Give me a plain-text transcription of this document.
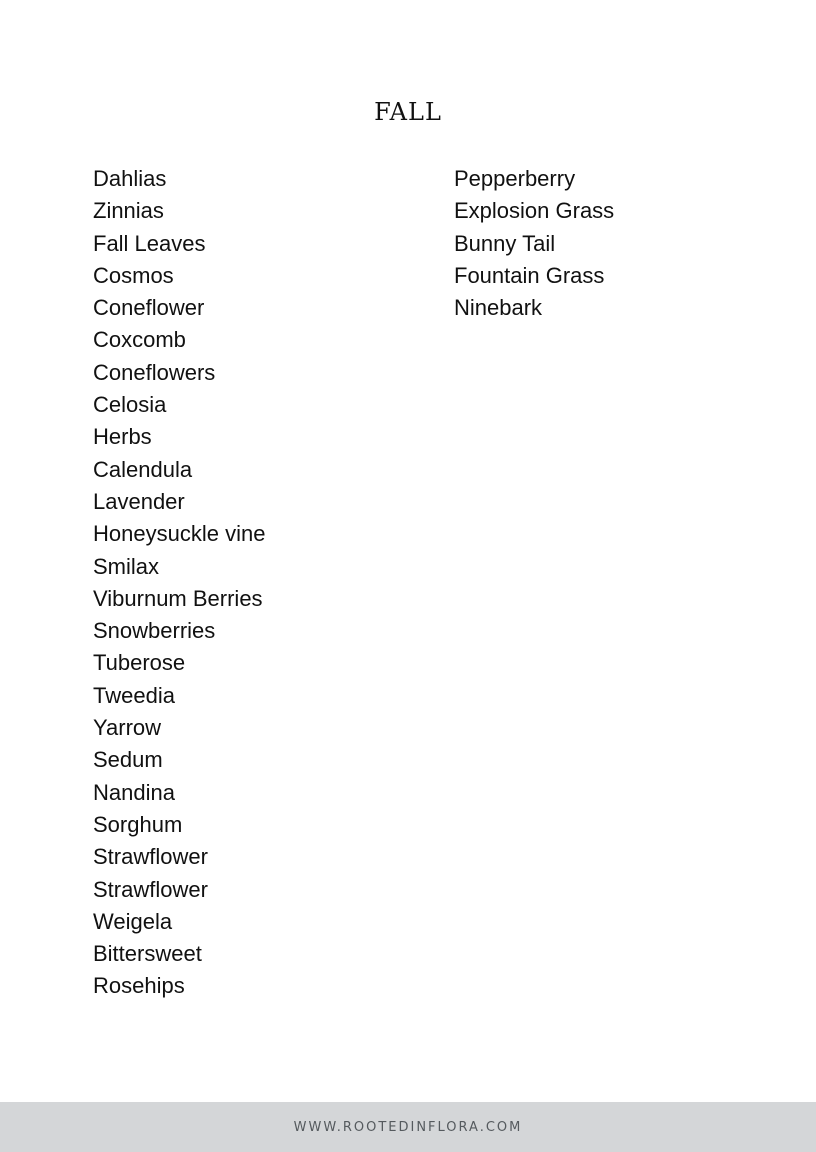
FALL
Dahlias
Zinnias
Fall Leaves
Cosmos
Coneflower
Coxcomb
Coneflowers
Celosia
Herbs
Calendula
Lavender
Honeysuckle vine
Smilax
Viburnum Berries
Snowberries
Tuberose
Tweedia
Yarrow
Sedum
Nandina
Sorghum
Strawflower
Strawflower
Weigela
Bittersweet
Rosehips
Pepperberry
Explosion Grass
Bunny Tail
Fountain Grass
Ninebark
WWW.ROOTEDINFLORA.COM
